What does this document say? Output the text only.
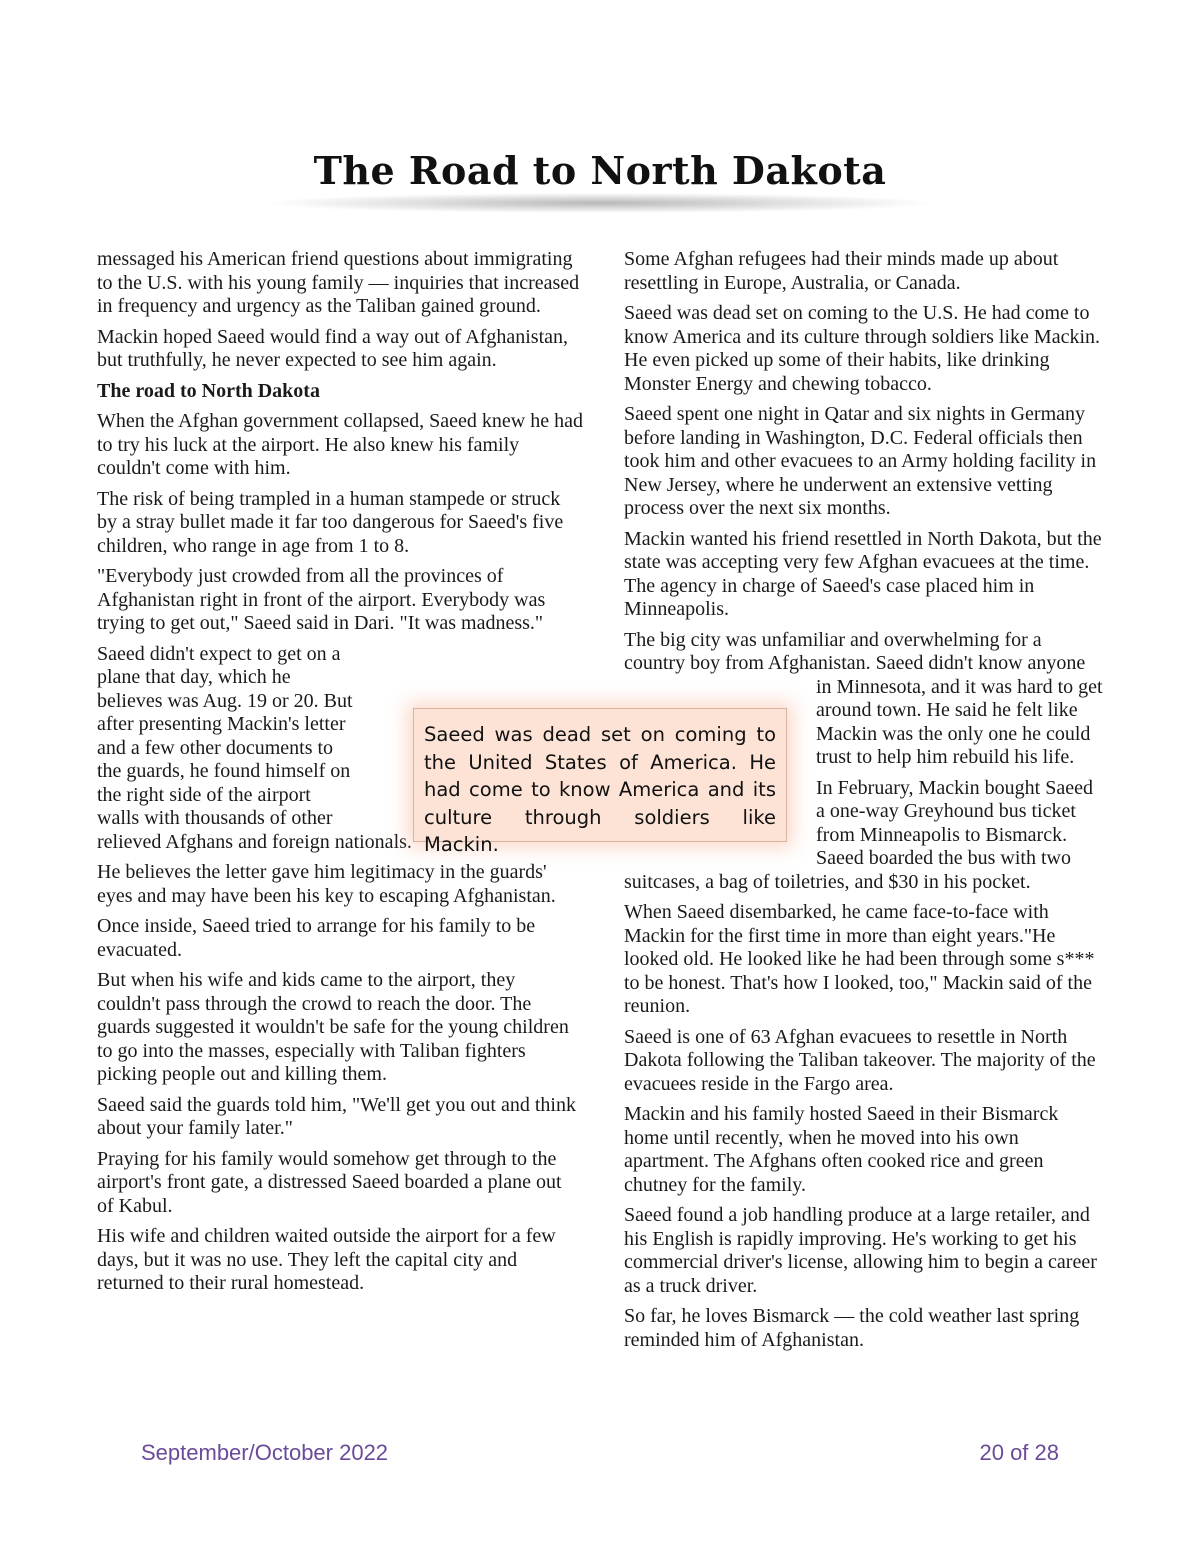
The Road to North Dakota

messaged his American friend questions about immigrating to the U.S. with his young family — inquiries that increased in frequency and urgency as the Taliban gained ground.

Mackin hoped Saeed would find a way out of Afghanistan, but truthfully, he never expected to see him again.

The road to North Dakota

When the Afghan government collapsed, Saeed knew he had to try his luck at the airport. He also knew his family couldn't come with him.

The risk of being trampled in a human stampede or struck by a stray bullet made it far too dangerous for Saeed's five children, who range in age from 1 to 8.

"Everybody just crowded from all the provinces of Afghanistan right in front of the airport. Everybody was trying to get out," Saeed said in Dari. "It was madness."

Saeed didn't expect to get on a plane that day, which he believes was Aug. 19 or 20. But after presenting Mackin's letter and a few other documents to the guards, he found himself on the right side of the airport walls with thousands of other relieved Afghans and foreign nationals.

He believes the letter gave him legitimacy in the guards' eyes and may have been his key to escaping Afghanistan.

Once inside, Saeed tried to arrange for his family to be evacuated.

But when his wife and kids came to the airport, they couldn't pass through the crowd to reach the door. The guards suggested it wouldn't be safe for the young children to go into the masses, especially with Taliban fighters picking people out and killing them.

Saeed said the guards told him, "We'll get you out and think about your family later."

Praying for his family would somehow get through to the airport's front gate, a distressed Saeed boarded a plane out of Kabul.

His wife and children waited outside the airport for a few days, but it was no use. They left the capital city and returned to their rural homestead.

Some Afghan refugees had their minds made up about resettling in Europe, Australia, or Canada.

Saeed was dead set on coming to the U.S. He had come to know America and its culture through soldiers like Mackin. He even picked up some of their habits, like drinking Monster Energy and chewing tobacco.

Saeed spent one night in Qatar and six nights in Germany before landing in Washington, D.C. Federal officials then took him and other evacuees to an Army holding facility in New Jersey, where he underwent an extensive vetting process over the next six months.

Mackin wanted his friend resettled in North Dakota, but the state was accepting very few Afghan evacuees at the time. The agency in charge of Saeed's case placed him in Minneapolis.

The big city was unfamiliar and overwhelming for a country boy from Afghanistan. Saeed didn't know anyone in Minnesota, and it was hard to get around town. He said he felt like Mackin was the only one he could trust to help him rebuild his life.

In February, Mackin bought Saeed a one-way Greyhound bus ticket from Minneapolis to Bismarck. Saeed boarded the bus with two suitcases, a bag of toiletries, and $30 in his pocket.

When Saeed disembarked, he came face-to-face with Mackin for the first time in more than eight years."He looked old. He looked like he had been through some s*** to be honest. That's how I looked, too," Mackin said of the reunion.

Saeed is one of 63 Afghan evacuees to resettle in North Dakota following the Taliban takeover. The majority of the evacuees reside in the Fargo area.

Mackin and his family hosted Saeed in their Bismarck home until recently, when he moved into his own apartment. The Afghans often cooked rice and green chutney for the family.

Saeed found a job handling produce at a large retailer, and his English is rapidly improving. He's working to get his commercial driver's license, allowing him to begin a career as a truck driver.

So far, he loves Bismarck — the cold weather last spring reminded him of Afghanistan.

Saeed was dead set on coming to the United States of America. He had come to know America and its culture through soldiers like Mackin.
September/October 2022	20 of 28
